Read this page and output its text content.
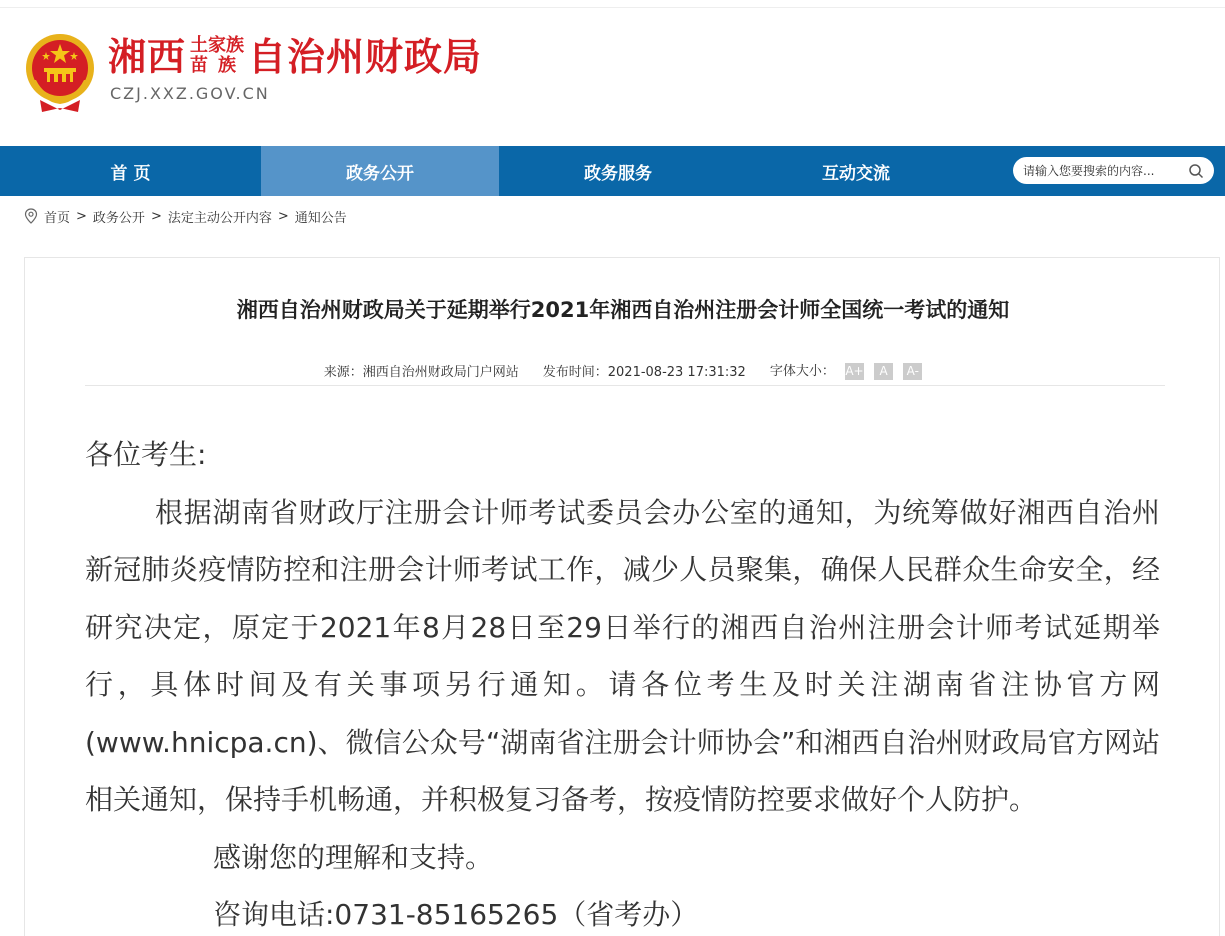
湘西 土家族
苗 族 自治州财政局
CZJ.XXZ.GOV.CN
首 页	政务公开	政务服务	互动交流
请输入您要搜索的内容...
首页 > 政务公开 > 法定主动公开内容 > 通知公告
湘西自治州财政局关于延期举行2021年湘西自治州注册会计师全国统一考试的通知
来源：湘西自治州财政局门户网站 发布时间：2021-08-23 17:31:32 字体大小： A+ A A-

各位考生:

根据湖南省财政厅注册会计师考试委员会办公室的通知，为统筹做好湘西自治州新冠肺炎疫情防控和注册会计师考试工作，减少人员聚集，确保人民群众生命安全，经研究决定，原定于2021年8月28日至29日举行的湘西自治州注册会计师考试延期举行，具体时间及有关事项另行通知。请各位考生及时关注湖南省注协官方网(www.hnicpa.cn)、微信公众号“湖南省注册会计师协会”和湘西自治州财政局官方网站相关通知，保持手机畅通，并积极复习备考，按疫情防控要求做好个人防护。

感谢您的理解和支持。

咨询电话:0731-85165265（省考办）
